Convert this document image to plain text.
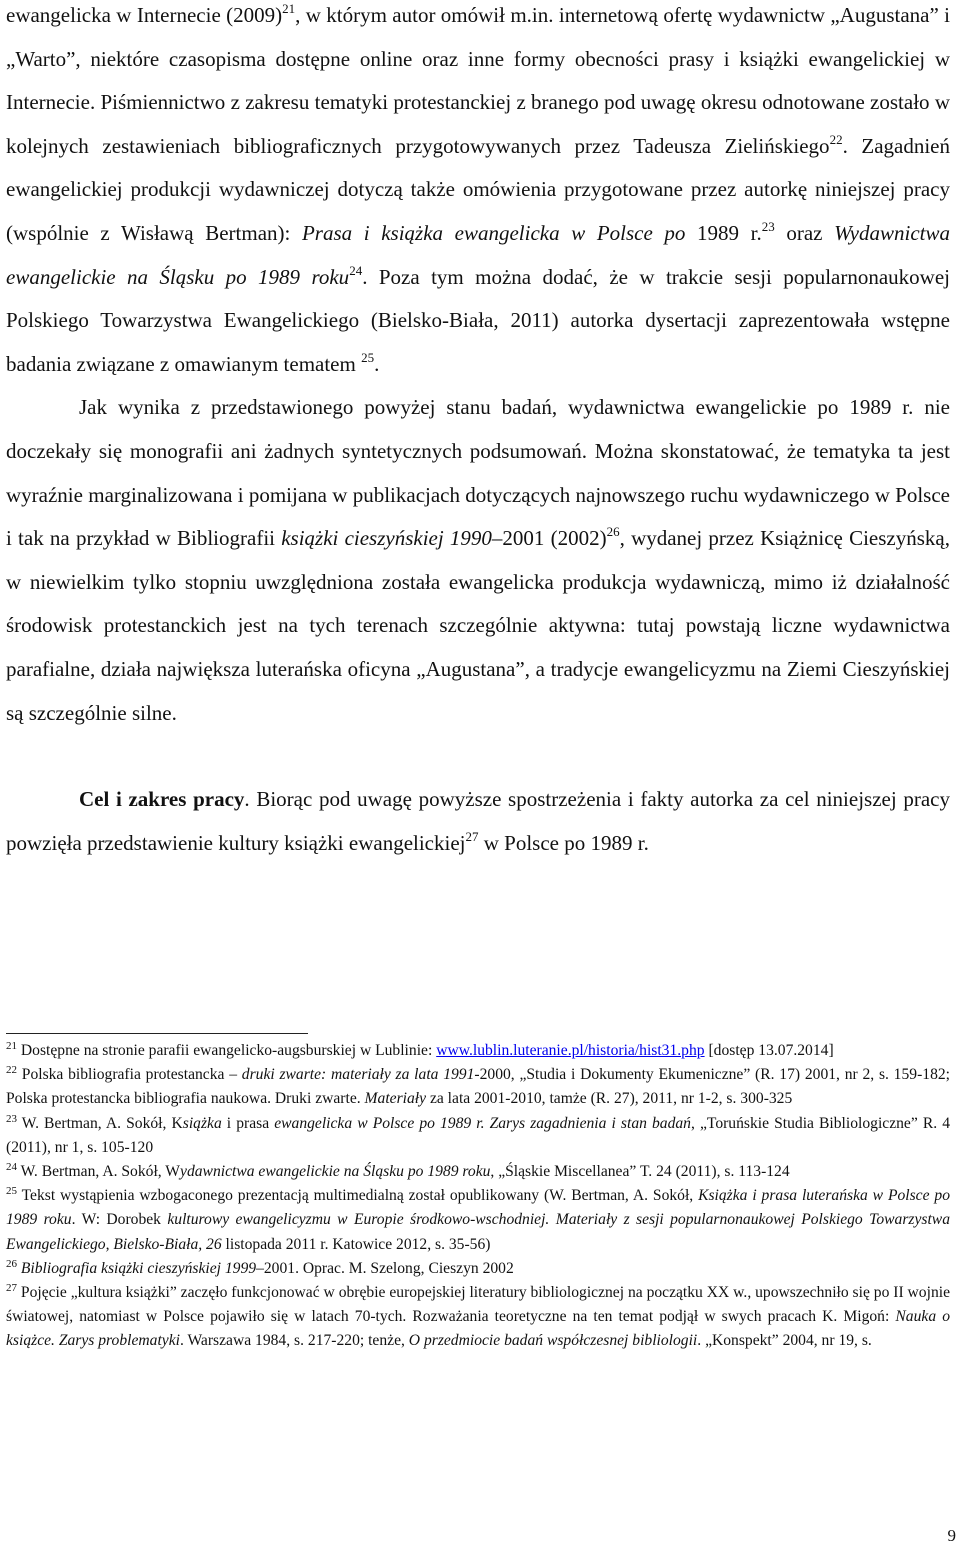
ewangelicka w Internecie $(2009)^{21}$, w którym autor omówił m.in. internetową ofertę wydawnictw „Augustana” i „Warto”, niektóre czasopisma dostępne online oraz inne formy obecności prasy i książki ewangelickiej w Internecie. Piśmiennictwo z zakresu tematyki protestanckiej z branego pod uwagę okresu odnotowane zostało w kolejnych zestawieniach bibliograficznych przygotowywanych przez Tadeusza Zielińskiego$^{22}$. Zagadnień ewangelickiej produkcji wydawniczej dotyczą także omówienia przygotowane przez autorkę niniejszej pracy (wspólnie z Wisławą Bertman): Prasa i książka ewangelicka w Polsce po 1989 r.$^{23}$ oraz Wydawnictwa ewangelickie na Śląsku po 1989 roku$^{24}$. Poza tym można dodać, że w trakcie sesji popularnonaukowej Polskiego Towarzystwa Ewangelickiego (Bielsko-Biała, 2011) autorka dysertacji zaprezentowała wstępne badania związane z omawianym tematem $^{25}$.

Jak wynika z przedstawionego powyżej stanu badań, wydawnictwa ewangelickie po 1989 r. nie doczekały się monografii ani żadnych syntetycznych podsumowań. Można skonstatować, że tematyka ta jest wyraźnie marginalizowana i pomijana w publikacjach dotyczących najnowszego ruchu wydawniczego w Polsce i tak na przykład w Bibliografii książki cieszyńskiej 1990–2001 $(2002)^{26}$, wydanej przez Książnicę Cieszyńską, w niewielkim tylko stopniu uwzględniona została ewangelicka produkcja wydawniczą, mimo iż działalność środowisk protestanckich jest na tych terenach szczególnie aktywna: tutaj powstają liczne wydawnictwa parafialne, działa największa luterańska oficyna „Augustana”, a tradycje ewangelicyzmu na Ziemi Cieszyńskiej są szczególnie silne.

Cel i zakres pracy. Biorąc pod uwagę powyższe spostrzeżenia i fakty autorka za cel niniejszej pracy powzięła przedstawienie kultury książki ewangelickiej$^{27}$ w Polsce po 1989 r.

$^{21}$ Dostępne na stronie parafii ewangelicko-augsburskiej w Lublinie: www.lublin.luteranie.pl/historia/hist31.php [dostęp 13.07.2014]

$^{22}$ Polska bibliografia protestancka – druki zwarte: materiały za lata 1991-2000, „Studia i Dokumenty Ekumeniczne” (R. 17) 2001, nr 2, s. 159-182; Polska protestancka bibliografia naukowa. Druki zwarte. Materiały za lata 2001-2010, tamże (R. 27), 2011, nr 1-2, s. 300-325

$^{23}$ W. Bertman, A. Sokół, Książka i prasa ewangelicka w Polsce po 1989 r. Zarys zagadnienia i stan badań, „Toruńskie Studia Bibliologiczne” R. 4 (2011), nr 1, s. 105-120

$^{24}$ W. Bertman, A. Sokół, Wydawnictwa ewangelickie na Śląsku po 1989 roku, „Śląskie Miscellanea” T. 24 (2011), s. 113-124

$^{25}$ Tekst wystąpienia wzbogaconego prezentacją multimedialną został opublikowany (W. Bertman, A. Sokół, Książka i prasa luterańska w Polsce po 1989 roku. W: Dorobek kulturowy ewangelicyzmu w Europie środkowo-wschodniej. Materiały z sesji popularnonaukowej Polskiego Towarzystwa Ewangelickiego, Bielsko-Biała, 26 listopada 2011 r. Katowice 2012, s. 35-56)

$^{26}$ Bibliografia książki cieszyńskiej 1999–2001. Oprac. M. Szelong, Cieszyn 2002

$^{27}$ Pojęcie „kultura książki” zaczęło funkcjonować w obrębie europejskiej literatury bibliologicznej na początku XX w., upowszechniło się po II wojnie światowej, natomiast w Polsce pojawiło się w latach 70-tych. Rozważania teoretyczne na ten temat podjął w swych pracach K. Migoń: Nauka o książce. Zarys problematyki. Warszawa 1984, s. 217-220; tenże, O przedmiocie badań współczesnej bibliologii. „Konspekt” 2004, nr 19, s.

9
